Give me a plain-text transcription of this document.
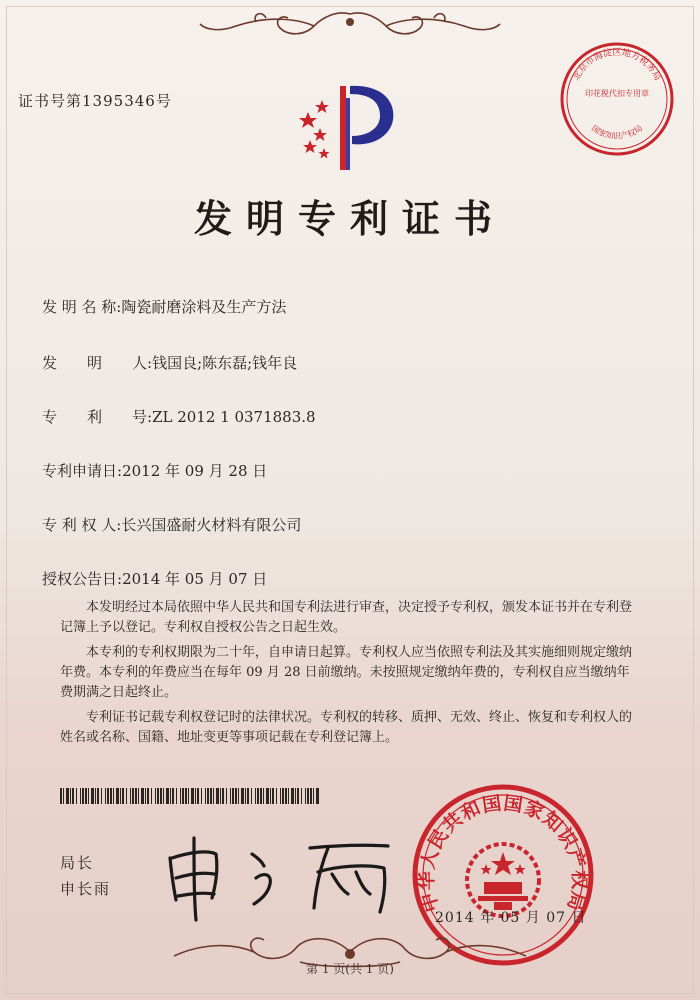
证书号第1395346号
发明专利证书
发 明 名 称:陶瓷耐磨涂料及生产方法
发　　明　　人:钱国良;陈东磊;钱年良
专　　利　　号:ZL 2012 1 0371883.8
专利申请日:2012 年 09 月 28 日
专 利 权 人:长兴国盛耐火材料有限公司
授权公告日:2014 年 05 月 07 日

本发明经过本局依照中华人民共和国专利法进行审查，决定授予专利权，颁发本证书并在专利登记簿上予以登记。专利权自授权公告之日起生效。

本专利的专利权期限为二十年，自申请日起算。专利权人应当依照专利法及其实施细则规定缴纳年费。本专利的年费应当在每年 09 月 28 日前缴纳。未按照规定缴纳年费的，专利权自应当缴纳年费期满之日起终止。

专利证书记载专利权登记时的法律状况。专利权的转移、质押、无效、终止、恢复和专利权人的姓名或名称、国籍、地址变更等事项记载在专利登记簿上。

局长
申长雨
北京市海淀区地方税务局
印花税代扣专用章
国家知识产权局
中华人民共和国国家知识产权局
2014 年 05 月 07 日
第 1 页(共 1 页)
